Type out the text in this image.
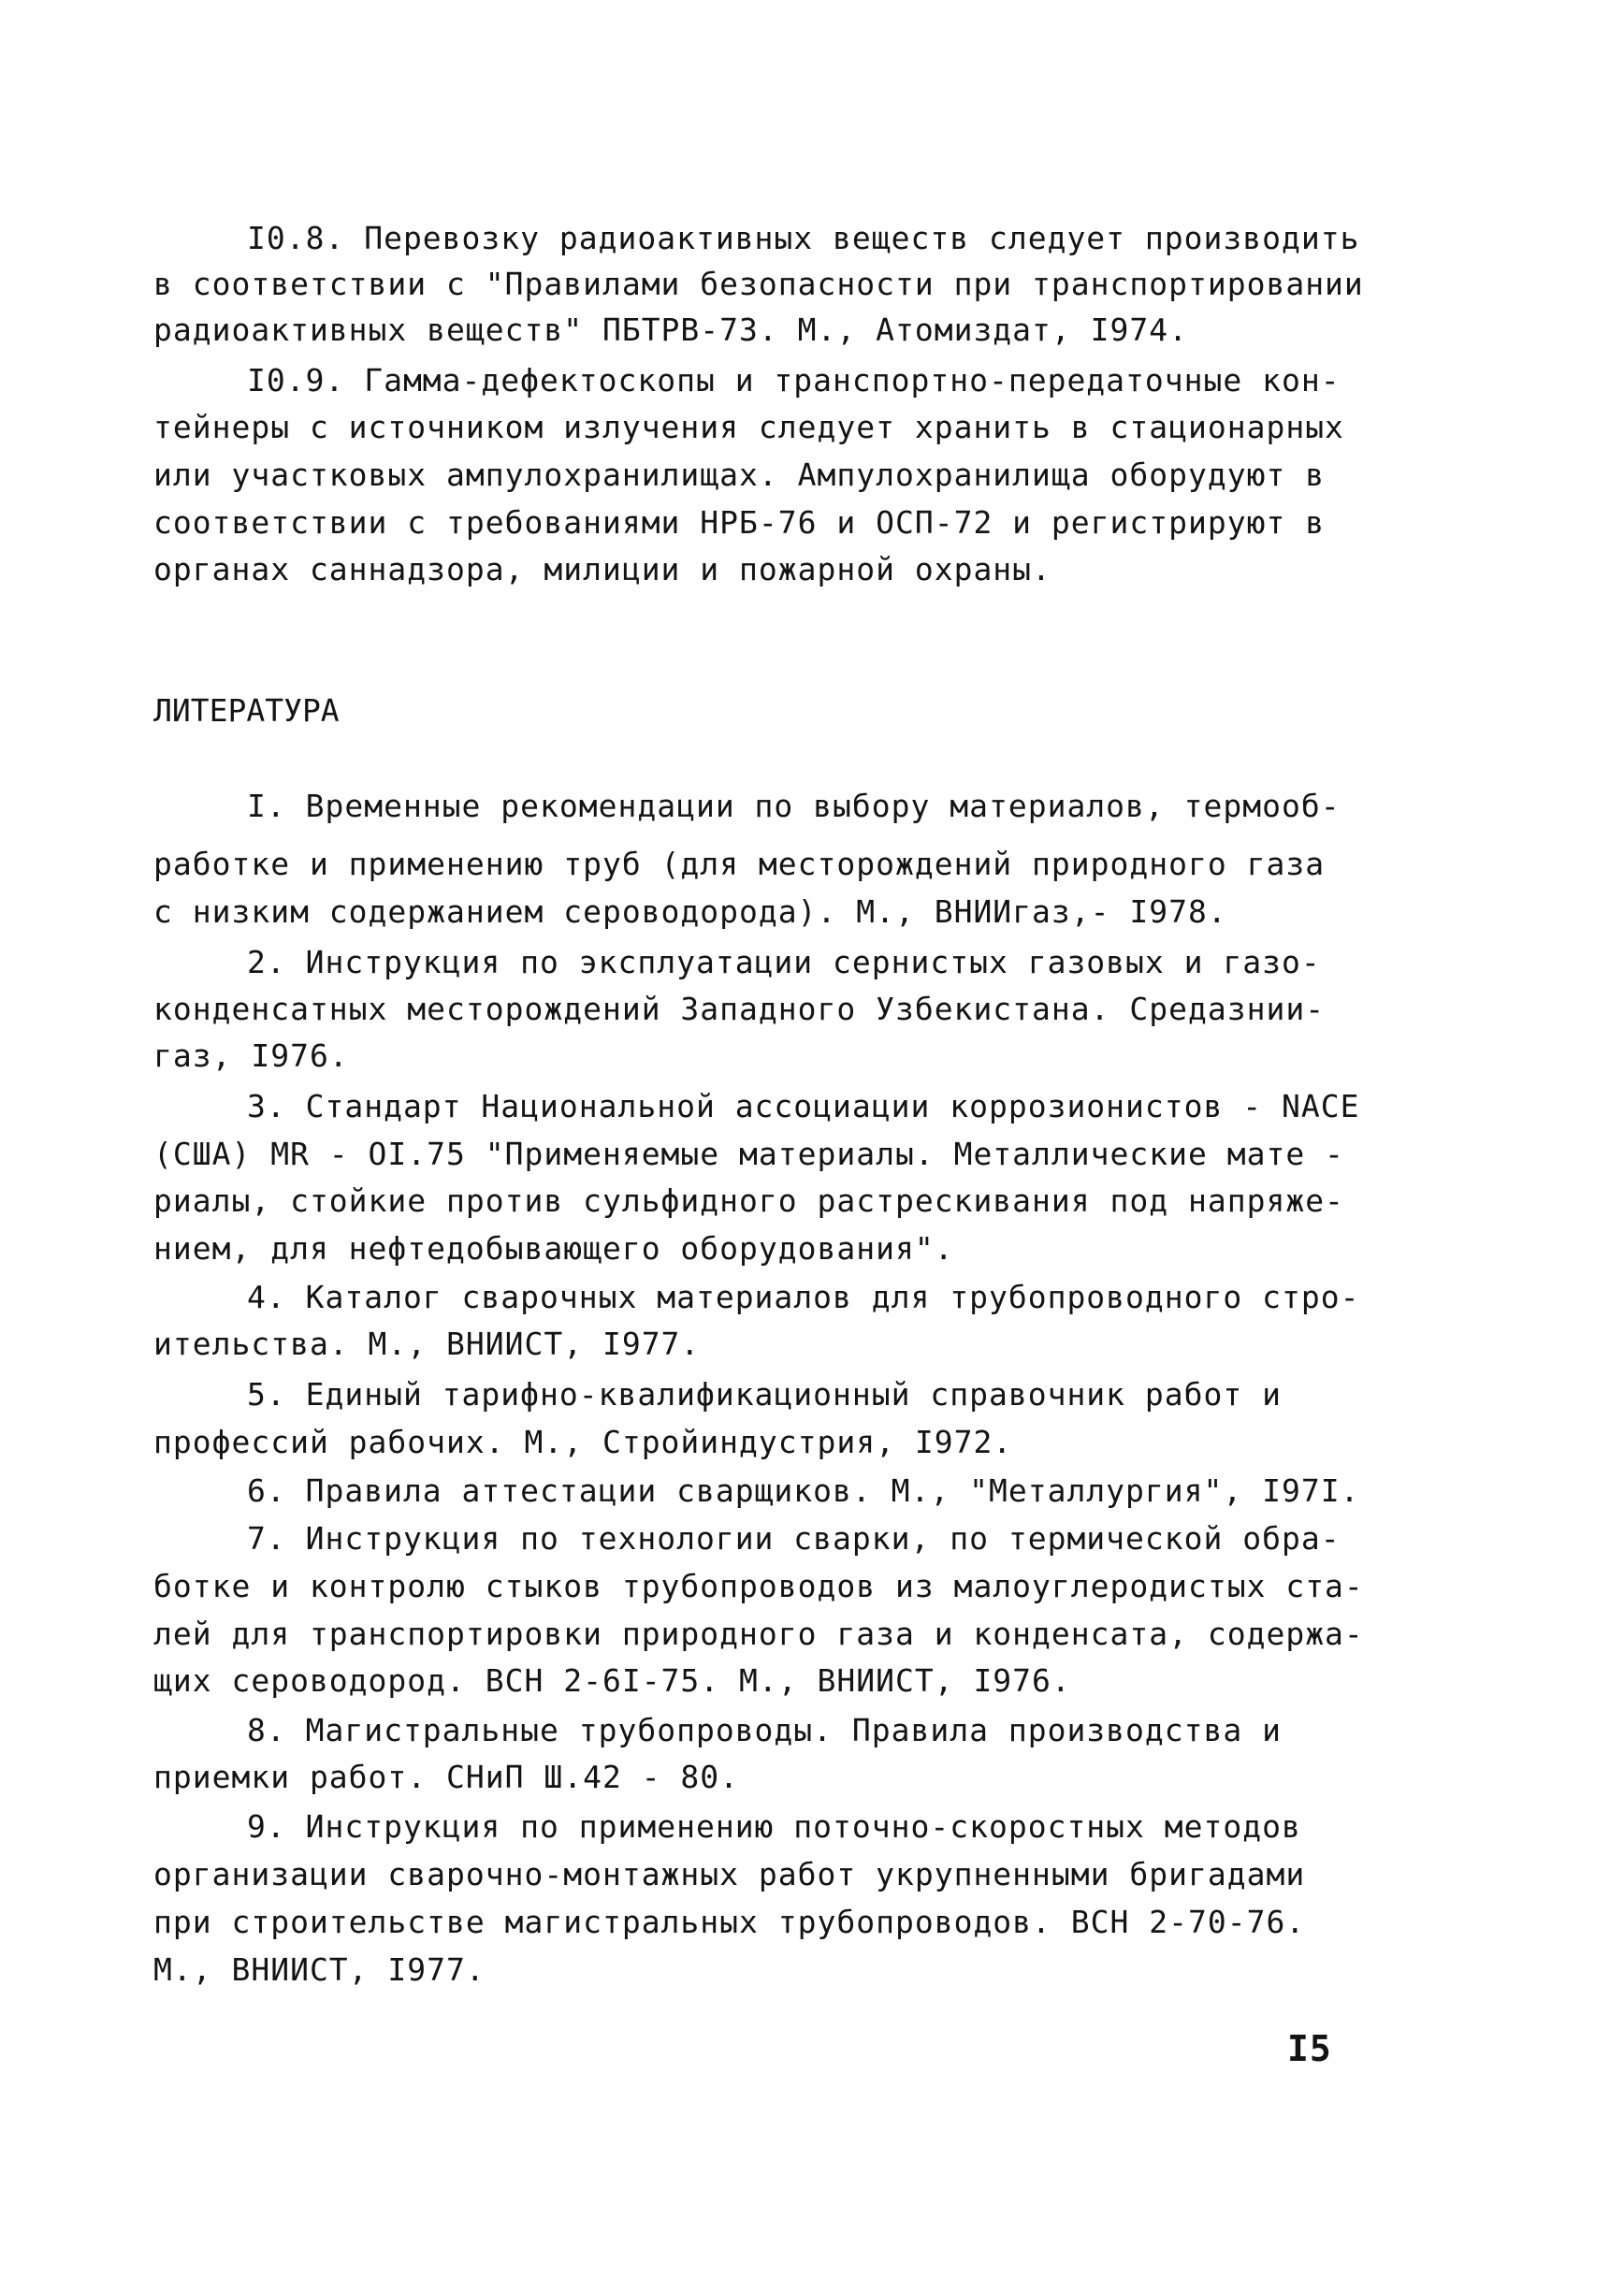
I0.8. Перевозку радиоактивных веществ следует производить
в соответствии с "Правилами безопасности при транспортировании
радиоактивных веществ" ПБТРВ-73. М., Атомиздат, I974.
I0.9. Гамма-дефектоскопы и транспортно-передаточные кон-
тейнеры с источником излучения следует хранить в стационарных
или участковых ампулохранилищах. Ампулохранилища оборудуют в
соответствии с требованиями НРБ-76 и ОСП-72 и регистрируют в
органах саннадзора, милиции и пожарной охраны.
ЛИТЕРАТУРА
I. Временные рекомендации по выбору материалов, термооб-
работке и применению труб (для месторождений природного газа
с низким содержанием сероводорода). М., ВНИИгаз,- I978.
2. Инструкция по эксплуатации сернистых газовых и газо-
конденсатных месторождений Западного Узбекистана. Средазнии-
газ, I976.
3. Стандарт Национальной ассоциации коррозионистов - NACE
(США) MR - OI.75 "Применяемые материалы. Металлические мате -
риалы, стойкие против сульфидного растрескивания под напряже-
нием, для нефтедобывающего оборудования".
4. Каталог сварочных материалов для трубопроводного стро-
ительства. М., ВНИИСТ, I977.
5. Единый тарифно-квалификационный справочник работ и
профессий рабочих. М., Стройиндустрия, I972.
6. Правила аттестации сварщиков. М., "Металлургия", I97I.
7. Инструкция по технологии сварки, по термической обра-
ботке и контролю стыков трубопроводов из малоуглеродистых ста-
лей для транспортировки природного газа и конденсата, содержа-
щих сероводород. ВСН 2-6I-75. М., ВНИИСТ, I976.
8. Магистральные трубопроводы. Правила производства и
приемки работ. СНиП Ш.42 - 80.
9. Инструкция по применению поточно-скоростных методов
организации сварочно-монтажных работ укрупненными бригадами
при строительстве магистральных трубопроводов. ВСН 2-70-76.
М., ВНИИСТ, I977.
I5
